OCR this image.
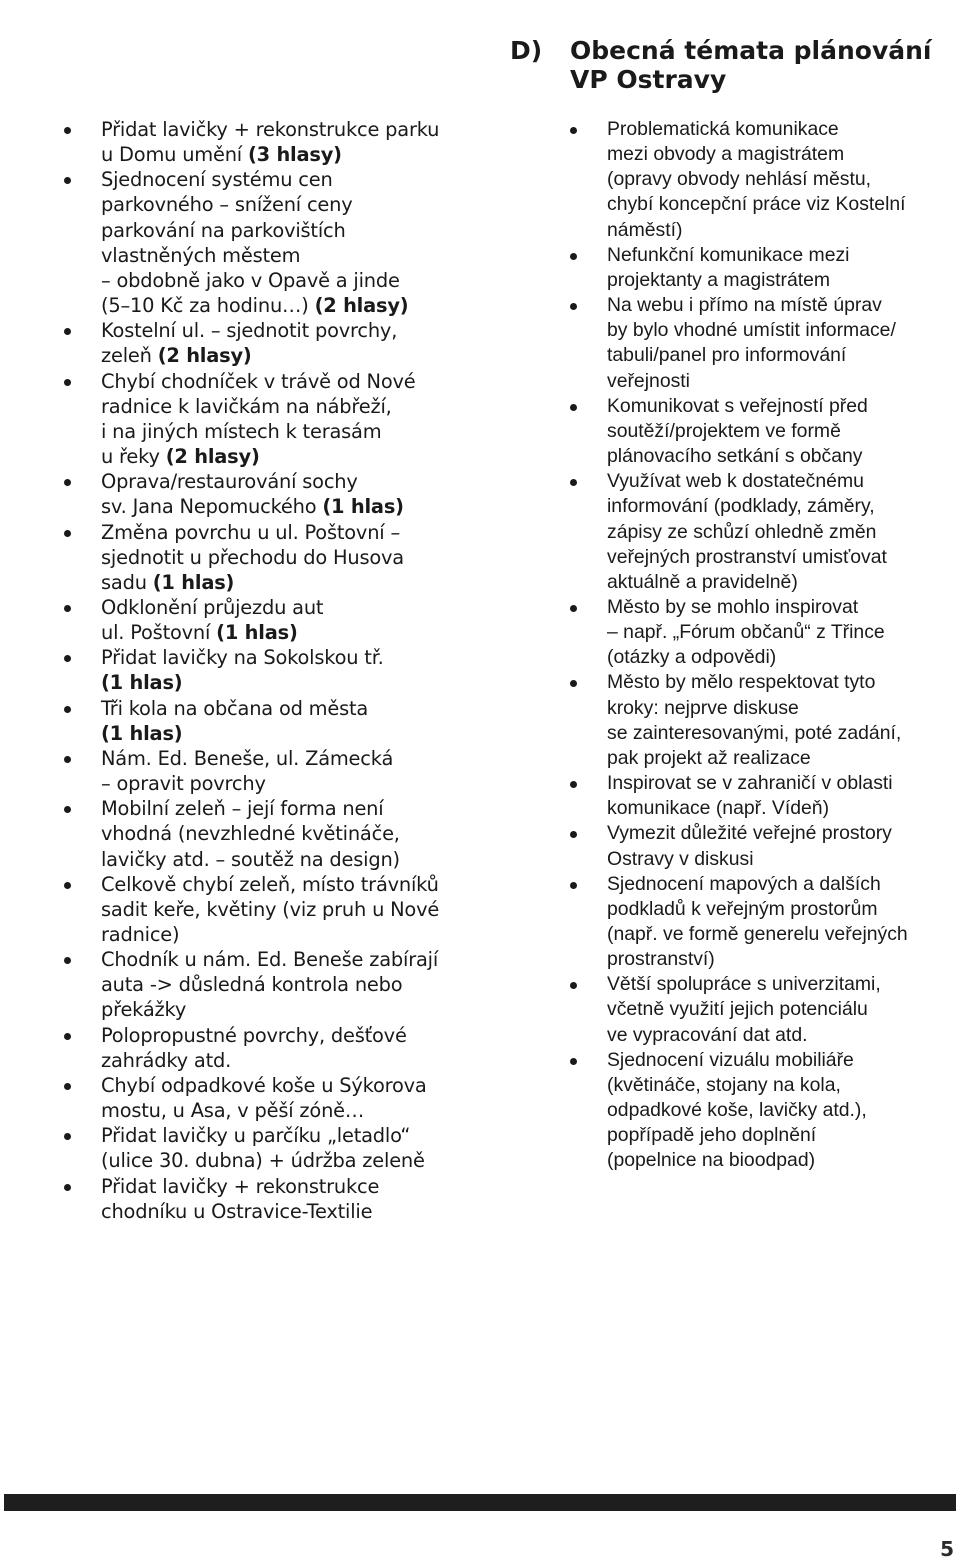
D) Obecná témata plánování VP Ostravy
Přidat lavičky + rekonstrukce parku
u Domu umění (3 hlasy)
Sjednocení systému cen
parkovného – snížení ceny
parkování na parkovištích
vlastněných městem
– obdobně jako v Opavě a jinde
(5–10 Kč za hodinu…) (2 hlasy)
Kostelní ul. – sjednotit povrchy,
zeleň (2 hlasy)
Chybí chodníček v trávě od Nové
radnice k lavičkám na nábřeží,
i na jiných místech k terasám
u řeky (2 hlasy)
Oprava/restaurování sochy
sv. Jana Nepomuckého (1 hlas)
Změna povrchu u ul. Poštovní –
sjednotit u přechodu do Husova
sadu (1 hlas)
Odklonění průjezdu aut
ul. Poštovní (1 hlas)
Přidat lavičky na Sokolskou tř.
(1 hlas)
Tři kola na občana od města
(1 hlas)
Nám. Ed. Beneše, ul. Zámecká
– opravit povrchy
Mobilní zeleň – její forma není
vhodná (nevzhledné květináče,
lavičky atd. – soutěž na design)
Celkově chybí zeleň, místo trávníků
sadit keře, květiny (viz pruh u Nové
radnice)
Chodník u nám. Ed. Beneše zabírají
auta -> důsledná kontrola nebo
překážky
Polopropustné povrchy, dešťové
zahrádky atd.
Chybí odpadkové koše u Sýkorova
mostu, u Asa, v pěší zóně…
Přidat lavičky u parčíku „letadlo“
(ulice 30. dubna) + údržba zeleně
Přidat lavičky + rekonstrukce
chodníku u Ostravice-Textilie
Problematická komunikace
mezi obvody a magistrátem
(opravy obvody nehlásí městu,
chybí koncepční práce viz Kostelní
náměstí)
Nefunkční komunikace mezi
projektanty a magistrátem
Na webu i přímo na místě úprav
by bylo vhodné umístit informace/
tabuli/panel pro informování
veřejnosti
Komunikovat s veřejností před
soutěží/projektem ve formě
plánovacího setkání s občany
Využívat web k dostatečnému
informování (podklady, záměry,
zápisy ze schůzí ohledně změn
veřejných prostranství umisťovat
aktuálně a pravidelně)
Město by se mohlo inspirovat
– např. „Fórum občanů“ z Třince
(otázky a odpovědi)
Město by mělo respektovat tyto
kroky: nejprve diskuse
se zainteresovanými, poté zadání,
pak projekt až realizace
Inspirovat se v zahraničí v oblasti
komunikace (např. Vídeň)
Vymezit důležité veřejné prostory
Ostravy v diskusi
Sjednocení mapových a dalších
podkladů k veřejným prostorům
(např. ve formě generelu veřejných
prostranství)
Větší spolupráce s univerzitami,
včetně využití jejich potenciálu
ve vypracování dat atd.
Sjednocení vizuálu mobiliáře
(květináče, stojany na kola,
odpadkové koše, lavičky atd.),
popřípadě jeho doplnění
(popelnice na bioodpad)
5
